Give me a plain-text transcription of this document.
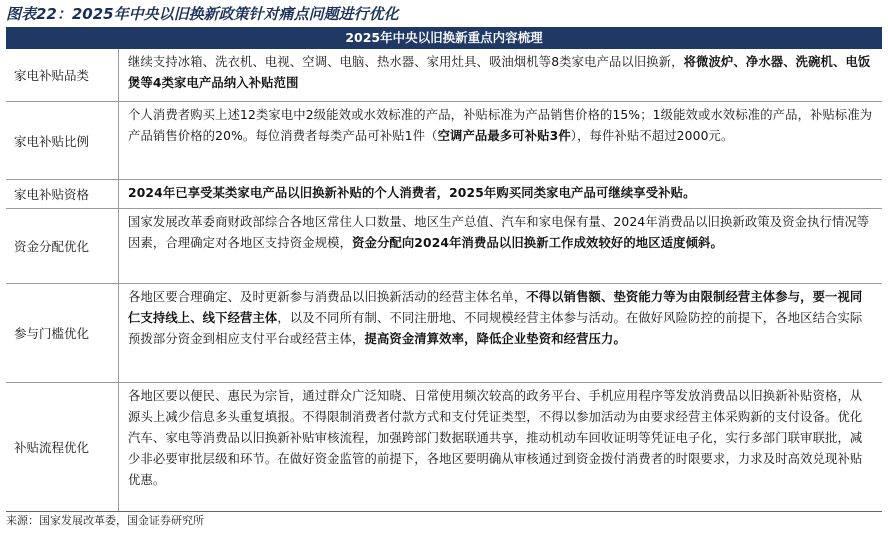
图表22：2025年中央以旧换新政策针对痛点问题进行优化
2025年中央以旧换新重点内容梳理
家电补贴品类
继续支持冰箱、洗衣机、电视、空调、电脑、热水器、家用灶具、吸油烟机等8类家电产品以旧换新，将微波炉、净水器、洗碗机、电饭煲等4类家电产品纳入补贴范围
家电补贴比例
个人消费者购买上述12类家电中2级能效或水效标准的产品，补贴标准为产品销售价格的15%；1级能效或水效标准的产品，补贴标准为产品销售价格的20%。每位消费者每类产品可补贴1件（空调产品最多可补贴3件），每件补贴不超过2000元。
家电补贴资格	2024年已享受某类家电产品以旧换新补贴的个人消费者，2025年购买同类家电产品可继续享受补贴。
资金分配优化
国家发展改革委商财政部综合各地区常住人口数量、地区生产总值、汽车和家电保有量、2024年消费品以旧换新政策及资金执行情况等因素，合理确定对各地区支持资金规模，资金分配向2024年消费品以旧换新工作成效较好的地区适度倾斜。
参与门槛优化
各地区要合理确定、及时更新参与消费品以旧换新活动的经营主体名单，不得以销售额、垫资能力等为由限制经营主体参与，要一视同仁支持线上、线下经营主体，以及不同所有制、不同注册地、不同规模经营主体参与活动。在做好风险防控的前提下，各地区结合实际预拨部分资金到相应支付平台或经营主体，提高资金清算效率，降低企业垫资和经营压力。
补贴流程优化
各地区要以便民、惠民为宗旨，通过群众广泛知晓、日常使用频次较高的政务平台、手机应用程序等发放消费品以旧换新补贴资格，从源头上减少信息多头重复填报。不得限制消费者付款方式和支付凭证类型，不得以参加活动为由要求经营主体采购新的支付设备。优化汽车、家电等消费品以旧换新补贴审核流程，加强跨部门数据联通共享，推动机动车回收证明等凭证电子化，实行多部门联审联批，减少非必要审批层级和环节。在做好资金监管的前提下，各地区要明确从审核通过到资金拨付消费者的时限要求，力求及时高效兑现补贴优惠。
来源：国家发展改革委，国金证券研究所
